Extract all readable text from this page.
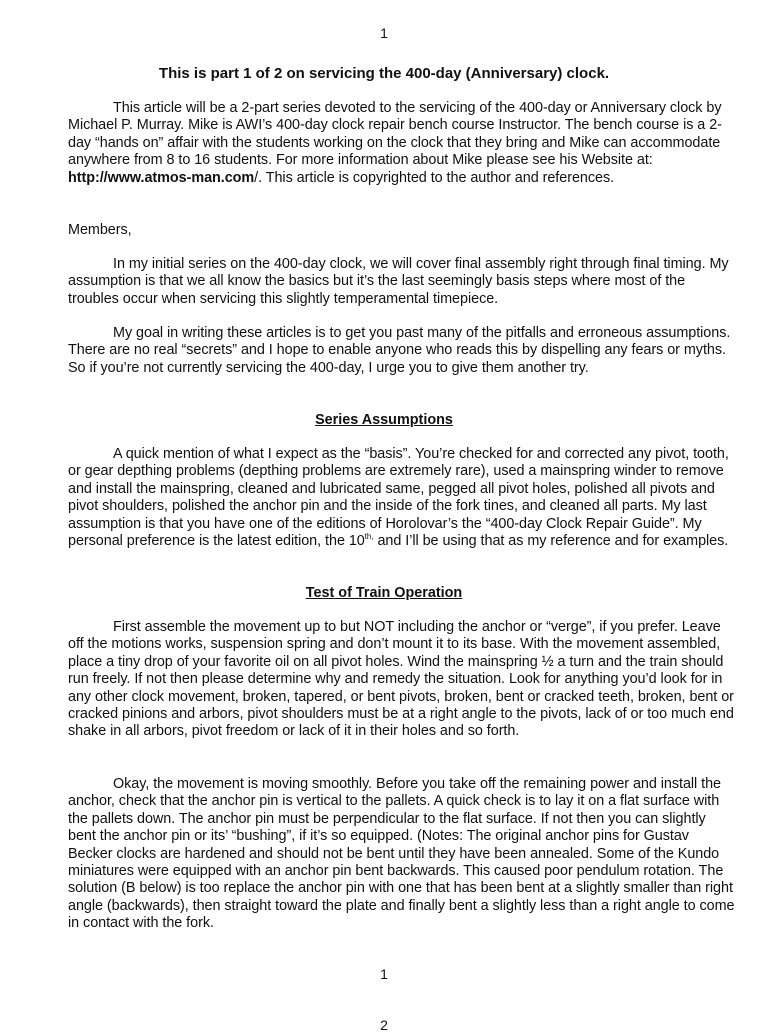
1
This is part 1 of 2 on servicing the 400-day (Anniversary) clock.

This article will be a 2-part series devoted to the servicing of the 400-day or Anniversary clock by Michael P. Murray. Mike is AWI’s 400-day clock repair bench course Instructor. The bench course is a 2-day “hands on” affair with the students working on the clock that they bring and Mike can accommodate anywhere from 8 to 16 students. For more information about Mike please see his Website at: http://www.atmos-man.com/. This article is copyrighted to the author and references.

Members,

In my initial series on the 400-day clock, we will cover final assembly right through final timing. My assumption is that we all know the basics but it’s the last seemingly basis steps where most of the troubles occur when servicing this slightly temperamental timepiece.

My goal in writing these articles is to get you past many of the pitfalls and erroneous assumptions. There are no real “secrets” and I hope to enable anyone who reads this by dispelling any fears or myths. So if you’re not currently servicing the 400-day, I urge you to give them another try.

Series Assumptions

A quick mention of what I expect as the “basis”. You’re checked for and corrected any pivot, tooth, or gear depthing problems (depthing problems are extremely rare), used a mainspring winder to remove and install the mainspring, cleaned and lubricated same, pegged all pivot holes, polished all pivots and pivot shoulders, polished the anchor pin and the inside of the fork tines, and cleaned all parts. My last assumption is that you have one of the editions of Horolovar’s the “400-day Clock Repair Guide”. My personal preference is the latest edition, the $10^{th,}$ and I’ll be using that as my reference and for examples.

Test of Train Operation

First assemble the movement up to but NOT including the anchor or “verge”, if you prefer. Leave off the motions works, suspension spring and don’t mount it to its base. With the movement assembled, place a tiny drop of your favorite oil on all pivot holes. Wind the mainspring ½ a turn and the train should run freely. If not then please determine why and remedy the situation. Look for anything you’d look for in any other clock movement, broken, tapered, or bent pivots, broken, bent or cracked teeth, broken, bent or cracked pinions and arbors, pivot shoulders must be at a right angle to the pivots, lack of or too much end shake in all arbors, pivot freedom or lack of it in their holes and so forth.

Okay, the movement is moving smoothly. Before you take off the remaining power and install the anchor, check that the anchor pin is vertical to the pallets. A quick check is to lay it on a flat surface with the pallets down. The anchor pin must be perpendicular to the flat surface. If not then you can slightly bent the anchor pin or its’ “bushing”, if it’s so equipped. (Notes: The original anchor pins for Gustav Becker clocks are hardened and should not be bent until they have been annealed. Some of the Kundo miniatures were equipped with an anchor pin bent backwards. This caused poor pendulum rotation. The solution (B below) is too replace the anchor pin with one that has been bent at a slightly smaller than right angle (backwards), then straight toward the plate and finally bent a slightly less than a right angle to come in contact with the fork.

1
2
